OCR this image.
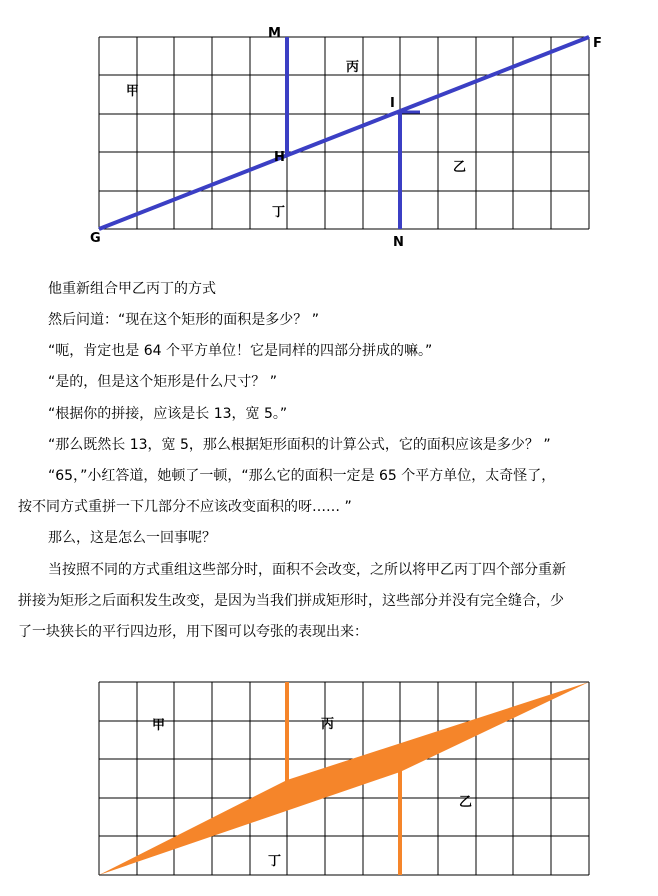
M
F
I
H
G	N
甲
丙
乙
丁
他重新组合甲乙丙丁的方式
然后问道：“现在这个矩形的面积是多少？ ”
“呃，肯定也是 64 个平方单位！它是同样的四部分拼成的嘛。”
“是的，但是这个矩形是什么尺寸？ ”
“根据你的拼接，应该是长 13，宽 5。”
“那么既然长 13，宽 5，那么根据矩形面积的计算公式，它的面积应该是多少？ ”
“65，”小红答道，她顿了一顿，“那么它的面积一定是 65 个平方单位，太奇怪了，
按不同方式重拼一下几部分不应该改变面积的呀…… ”
那么，这是怎么一回事呢？
当按照不同的方式重组这些部分时，面积不会改变，之所以将甲乙丙丁四个部分重新
拼接为矩形之后面积发生改变，是因为当我们拼成矩形时，这些部分并没有完全缝合，少
了一块狭长的平行四边形，用下图可以夸张的表现出来：
甲	丙
乙
丁
